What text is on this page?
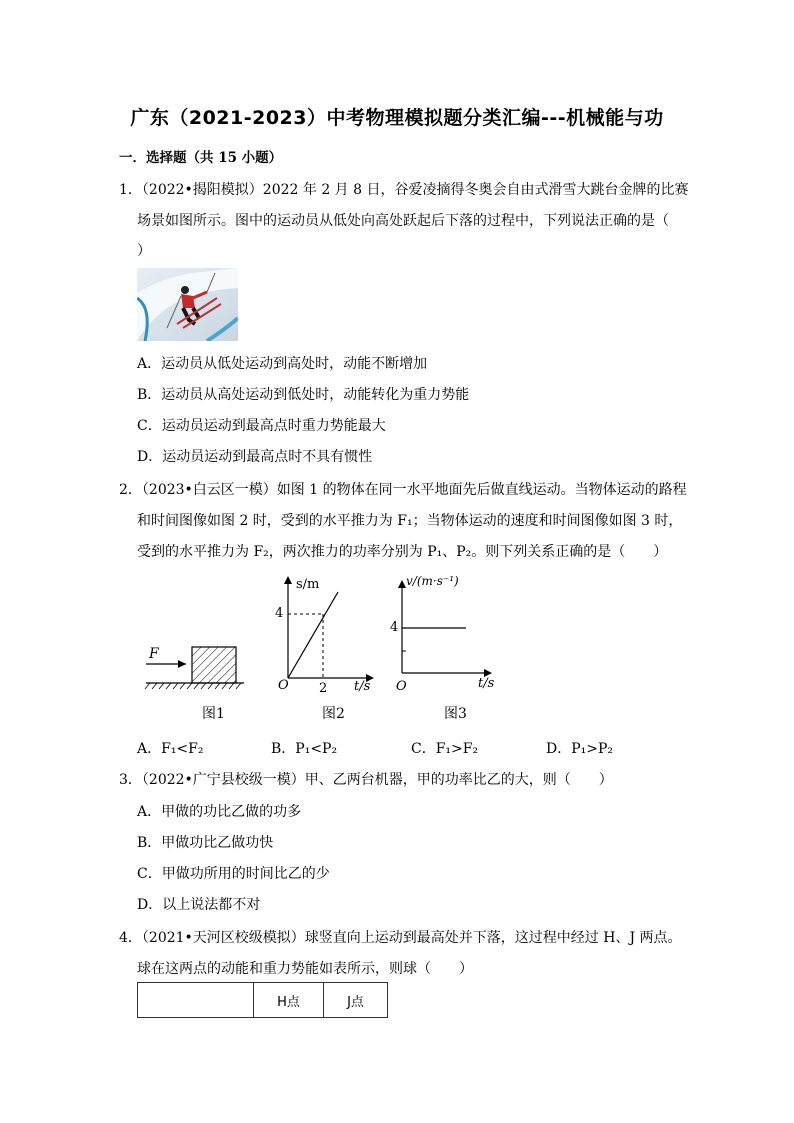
广东（2021-2023）中考物理模拟题分类汇编---机械能与功
一．选择题（共 15 小题）
1．（2022•揭阳模拟）2022 年 2 月 8 日，谷爱凌摘得冬奥会自由式滑雪大跳台金牌的比赛
场景如图所示。图中的运动员从低处向高处跃起后下落的过程中，下列说法正确的是（
）
A．运动员从低处运动到高处时，动能不断增加
B．运动员从高处运动到低处时，动能转化为重力势能
C．运动员运动到最高点时重力势能最大
D．运动员运动到最高点时不具有惯性
2．（2023•白云区一模）如图 1 的物体在同一水平地面先后做直线运动。当物体运动的路程
和时间图像如图 2 时，受到的水平推力为 F₁；当物体运动的速度和时间图像如图 3 时，
受到的水平推力为 F₂，两次推力的功率分别为 P₁、P₂。则下列关系正确的是（　　）
F
图1
s/m
4
O 2 t/s
图2
v/(m·s⁻¹)
4
O	t/s
图3
A．F₁<F₂	B．P₁<P₂	C．F₁>F₂	D．P₁>P₂
3．（2022•广宁县校级一模）甲、乙两台机器，甲的功率比乙的大，则（　　）
A．甲做的功比乙做的功多
B．甲做功比乙做功快
C．甲做功所用的时间比乙的少
D．以上说法都不对
4．（2021•天河区校级模拟）球竖直向上运动到最高处并下落，这过程中经过 H、J 两点。
球在这两点的动能和重力势能如表所示，则球（　　）
	H点	J点
